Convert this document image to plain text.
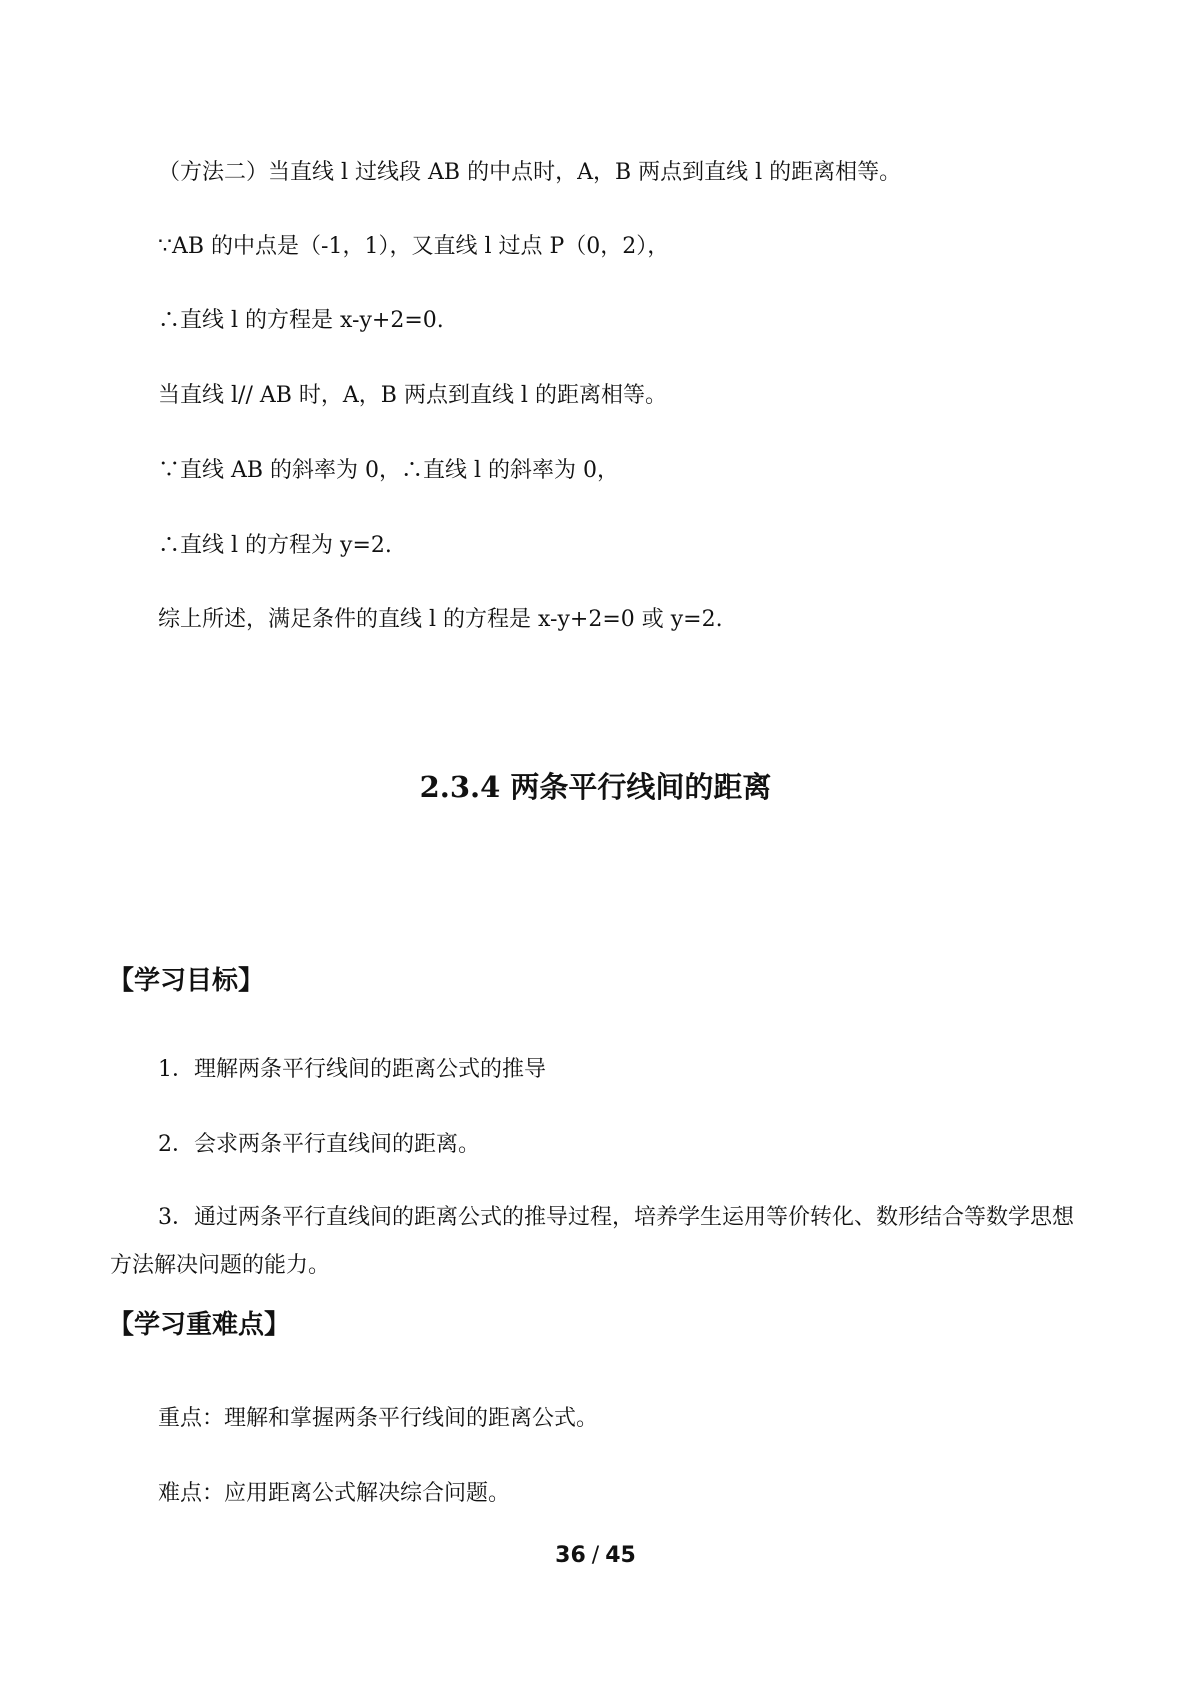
（方法二）当直线 l 过线段 AB 的中点时，A，B 两点到直线 l 的距离相等。
∵AB 的中点是（-1，1），又直线 l 过点 P（0，2），
∴直线 l 的方程是 x-y+2=0.
当直线 l// AB 时，A，B 两点到直线 l 的距离相等。
∵直线 AB 的斜率为 0，∴直线 l 的斜率为 0，
∴直线 l 的方程为 y=2.
综上所述，满足条件的直线 l 的方程是 x-y+2=0 或 y=2.
2.3.4 两条平行线间的距离
【学习目标】
1．理解两条平行线间的距离公式的推导
2．会求两条平行直线间的距离。
3．通过两条平行直线间的距离公式的推导过程，培养学生运用等价转化、数形结合等数学思想方法解决问题的能力。
【学习重难点】
重点：理解和掌握两条平行线间的距离公式。
难点：应用距离公式解决综合问题。
36 / 45
